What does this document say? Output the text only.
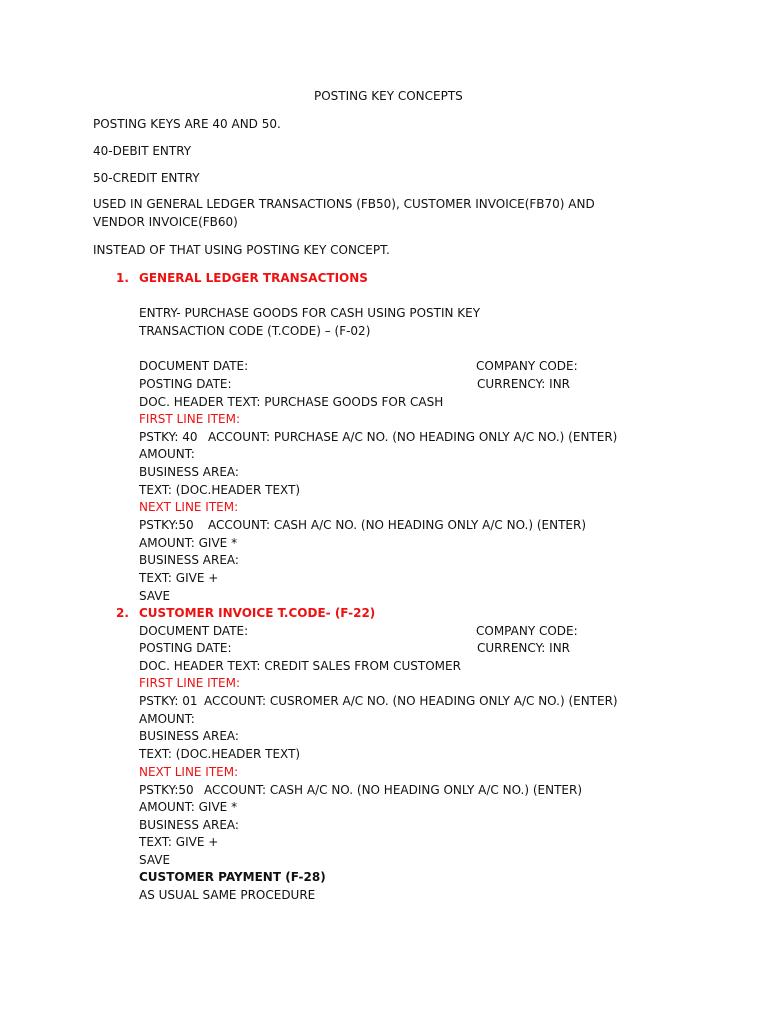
POSTING KEY CONCEPTS
POSTING KEYS ARE 40 AND 50.
40-DEBIT ENTRY
50-CREDIT ENTRY
USED IN GENERAL LEDGER TRANSACTIONS (FB50), CUSTOMER INVOICE(FB70) AND VENDOR INVOICE(FB60)
INSTEAD OF THAT USING POSTING KEY CONCEPT.
1. GENERAL LEDGER TRANSACTIONS
ENTRY- PURCHASE GOODS FOR CASH USING POSTIN KEY
TRANSACTION CODE (T.CODE) – (F-02)
DOCUMENT DATE:	COMPANY CODE:
POSTING DATE:	CURRENCY: INR
DOC. HEADER TEXT: PURCHASE GOODS FOR CASH
FIRST LINE ITEM:
PSTKY: 40 ACCOUNT: PURCHASE A/C NO. (NO HEADING ONLY A/C NO.) (ENTER)
AMOUNT:
BUSINESS AREA:
TEXT: (DOC.HEADER TEXT)
NEXT LINE ITEM:
PSTKY:50 ACCOUNT: CASH A/C NO. (NO HEADING ONLY A/C NO.) (ENTER)
AMOUNT: GIVE *
BUSINESS AREA:
TEXT: GIVE +
SAVE
2. CUSTOMER INVOICE T.CODE- (F-22)
DOCUMENT DATE:	COMPANY CODE:
POSTING DATE:	CURRENCY: INR
DOC. HEADER TEXT: CREDIT SALES FROM CUSTOMER
FIRST LINE ITEM:
PSTKY: 01 ACCOUNT: CUSROMER A/C NO. (NO HEADING ONLY A/C NO.) (ENTER)
AMOUNT:
BUSINESS AREA:
TEXT: (DOC.HEADER TEXT)
NEXT LINE ITEM:
PSTKY:50 ACCOUNT: CASH A/C NO. (NO HEADING ONLY A/C NO.) (ENTER)
AMOUNT: GIVE *
BUSINESS AREA:
TEXT: GIVE +
SAVE
CUSTOMER PAYMENT (F-28)
AS USUAL SAME PROCEDURE
